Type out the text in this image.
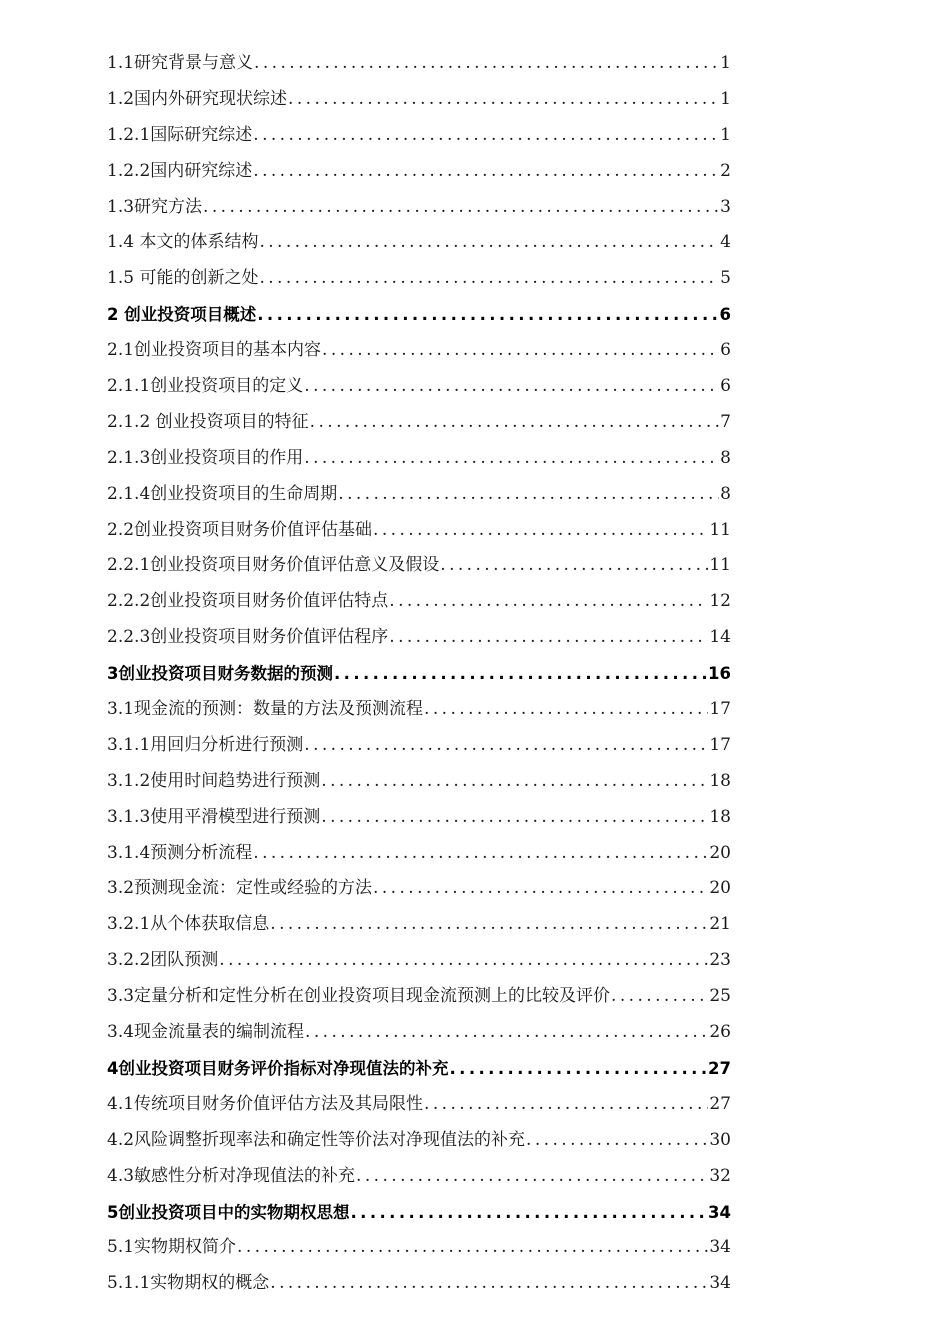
1.1研究背景与意义 .....	1
1.2国内外研究现状综述 .....	1
1.2.1国际研究综述 .....	1
1.2.2国内研究综述 .....	2
1.3研究方法 .....	3
1.4 本文的体系结构 .....	4
1.5 可能的创新之处 .....	5
2 创业投资项目概述 .....	6
2.1创业投资项目的基本内容 .....	6
2.1.1创业投资项目的定义 .....	6
2.1.2 创业投资项目的特征 .....	7
2.1.3创业投资项目的作用 .....	8
2.1.4创业投资项目的生命周期 .....	8
2.2创业投资项目财务价值评估基础 .....	11
2.2.1创业投资项目财务价值评估意义及假设 .....	11
2.2.2创业投资项目财务价值评估特点 .....	12
2.2.3创业投资项目财务价值评估程序 .....	14
3创业投资项目财务数据的预测 .....	16
3.1现金流的预测：数量的方法及预测流程 .....	17
3.1.1用回归分析进行预测 .....	17
3.1.2使用时间趋势进行预测 .....	18
3.1.3使用平滑模型进行预测 .....	18
3.1.4预测分析流程 .....	20
3.2预测现金流：定性或经验的方法 .....	20
3.2.1从个体获取信息 .....	21
3.2.2团队预测 .....	23
3.3定量分析和定性分析在创业投资项目现金流预测上的比较及评价 .....	25
3.4现金流量表的编制流程 .....	26
4创业投资项目财务评价指标对净现值法的补充 .....	27
4.1传统项目财务价值评估方法及其局限性 .....	27
4.2风险调整折现率法和确定性等价法对净现值法的补充 .....	30
4.3敏感性分析对净现值法的补充 .....	32
5创业投资项目中的实物期权思想 .....	34
5.1实物期权简介 .....	34
5.1.1实物期权的概念 .....	34
